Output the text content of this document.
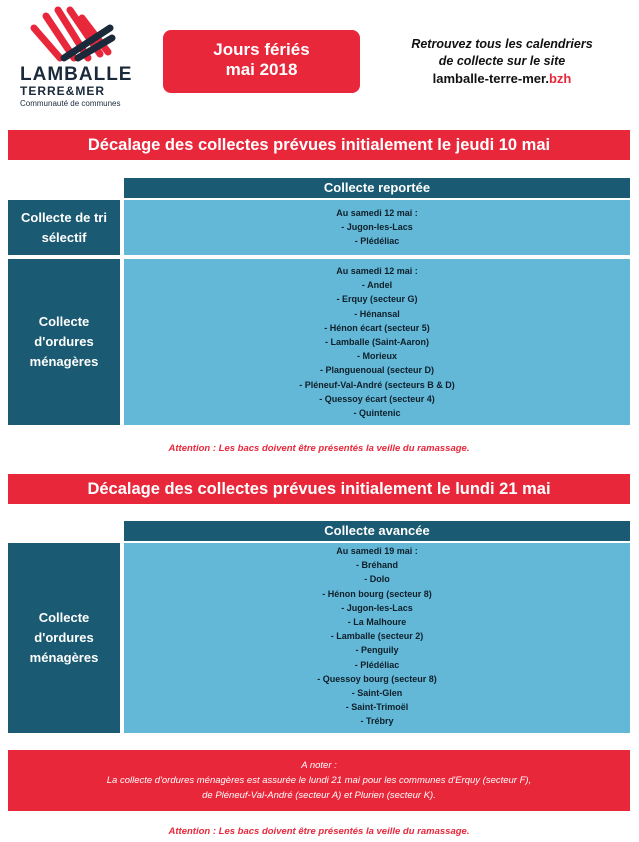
LAMBALLE
TERRE&MER
Communauté de communes
Jours fériés
mai 2018
Retrouvez tous les calendriers
de collecte sur le site
lamballe-terre-mer.bzh
Décalage des collectes prévues initialement le jeudi 10 mai
Collecte reportée
Collecte de tri
sélectif
Au samedi 12 mai :
- Jugon-les-Lacs
- Plédéliac
Collecte
d'ordures
ménagères
Au samedi 12 mai :
- Andel
- Erquy (secteur G)
- Hénansal
- Hénon écart (secteur 5)
- Lamballe (Saint-Aaron)
- Morieux
- Planguenoual (secteur D)
- Pléneuf-Val-André (secteurs B & D)
- Quessoy écart (secteur 4)
- Quintenic
Attention : Les bacs doivent être présentés la veille du ramassage.
Décalage des collectes prévues initialement le lundi 21 mai
Collecte avancée
Collecte
d'ordures
ménagères
Au samedi 19 mai :
- Bréhand
- Dolo
- Hénon bourg (secteur 8)
- Jugon-les-Lacs
- La Malhoure
- Lamballe (secteur 2)
- Penguily
- Plédéliac
- Quessoy bourg (secteur 8)
- Saint-Glen
- Saint-Trimoël
- Trébry
A noter :
La collecte d'ordures ménagères est assurée le lundi 21 mai pour les communes d'Erquy (secteur F),
de Pléneuf-Val-André (secteur A) et Plurien (secteur K).
Attention : Les bacs doivent être présentés la veille du ramassage.
